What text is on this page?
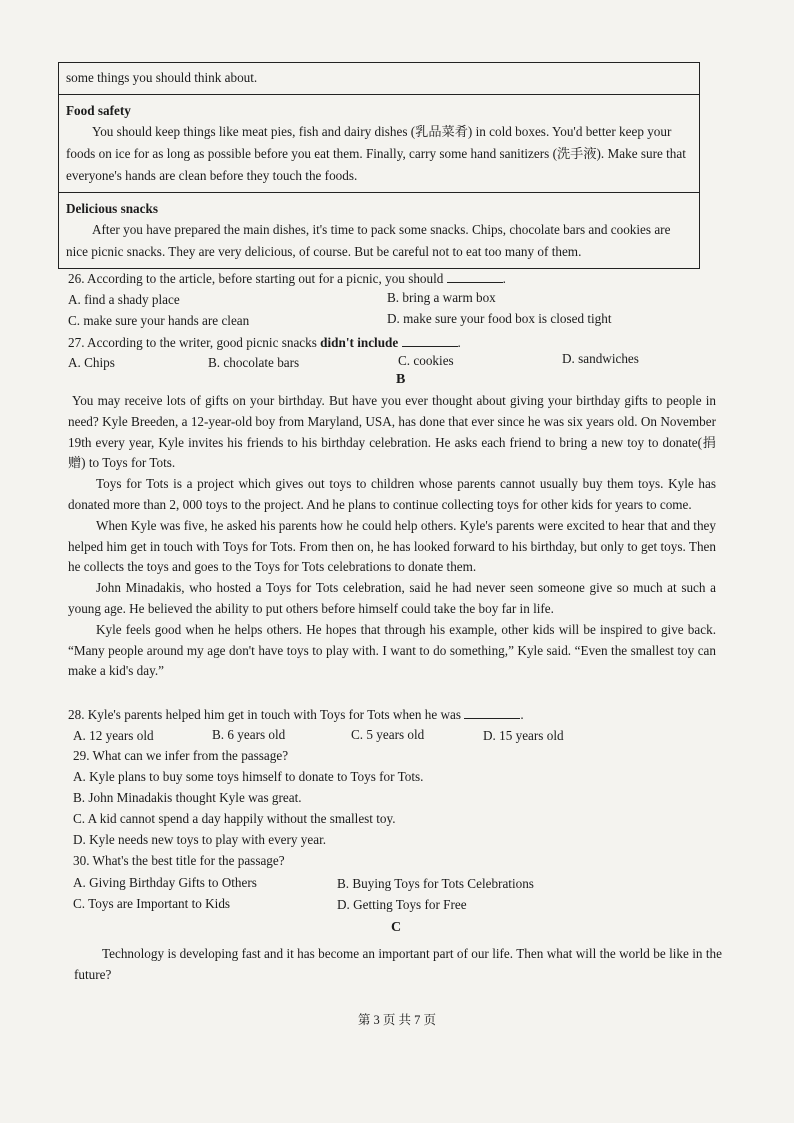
some things you should think about.
Food safety
You should keep things like meat pies, fish and dairy dishes (乳品菜肴) in cold boxes. You'd better keep your foods on ice for as long as possible before you eat them. Finally, carry some hand sanitizers (洗手液). Make sure that everyone's hands are clean before they touch the foods.
Delicious snacks
After you have prepared the main dishes, it's time to pack some snacks. Chips, chocolate bars and cookies are nice picnic snacks. They are very delicious, of course. But be careful not to eat too many of them.
26. According to the article, before starting out for a picnic, you should	.
A. find a shady place	B. bring a warm box
C. make sure your hands are clean	D. make sure your food box is closed tight
27. According to the writer, good picnic snacks didn't include	.
A. Chips	B. chocolate bars	C. cookies	D. sandwiches
B

You may receive lots of gifts on your birthday. But have you ever thought about giving your birthday gifts to people in need? Kyle Breeden, a 12-year-old boy from Maryland, USA, has done that ever since he was six years old. On November 19th every year, Kyle invites his friends to his birthday celebration. He asks each friend to bring a new toy to donate(捐赠) to Toys for Tots.

Toys for Tots is a project which gives out toys to children whose parents cannot usually buy them toys. Kyle has donated more than 2, 000 toys to the project. And he plans to continue collecting toys for other kids for years to come.

When Kyle was five, he asked his parents how he could help others. Kyle's parents were excited to hear that and they helped him get in touch with Toys for Tots. From then on, he has looked forward to his birthday, but only to get toys. Then he collects the toys and goes to the Toys for Tots celebrations to donate them.

John Minadakis, who hosted a Toys for Tots celebration, said he had never seen someone give so much at such a young age. He believed the ability to put others before himself could take the boy far in life.

Kyle feels good when he helps others. He hopes that through his example, other kids will be inspired to give back. “Many people around my age don't have toys to play with. I want to do something,” Kyle said. “Even the smallest toy can make a kid's day.”

28. Kyle's parents helped him get in touch with Toys for Tots when he was	.
A. 12 years old	B. 6 years old	C. 5 years old	D. 15 years old
29. What can we infer from the passage?
A. Kyle plans to buy some toys himself to donate to Toys for Tots.
B. John Minadakis thought Kyle was great.
C. A kid cannot spend a day happily without the smallest toy.
D. Kyle needs new toys to play with every year.
30. What's the best title for the passage?
A. Giving Birthday Gifts to Others	B. Buying Toys for Tots Celebrations
C. Toys are Important to Kids	D. Getting Toys for Free
C

Technology is developing fast and it has become an important part of our life. Then what will the world be like in the future?

第 3 页 共 7 页
